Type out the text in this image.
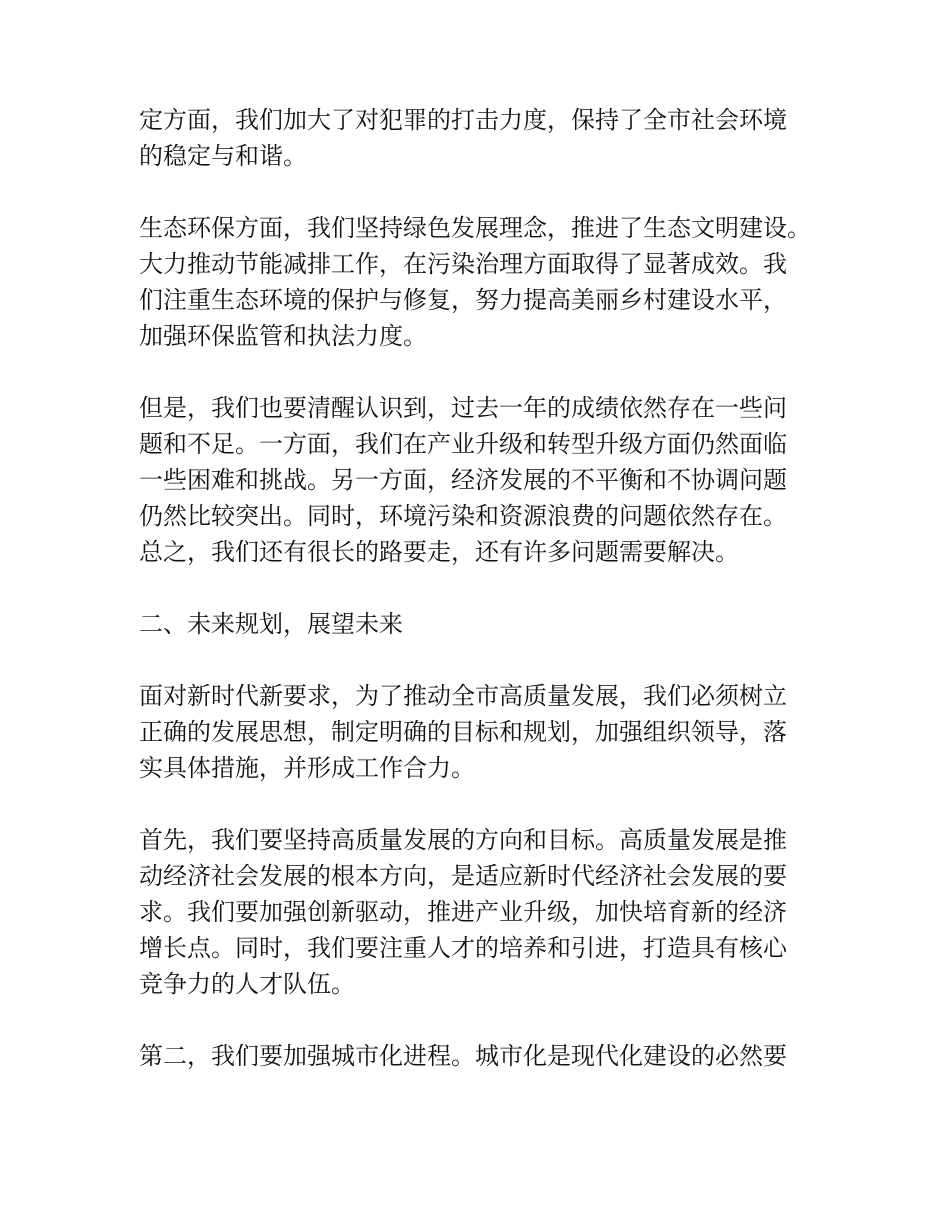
定方面，我们加大了对犯罪的打击力度，保持了全市社会环境
的稳定与和谐。

生态环保方面，我们坚持绿色发展理念，推进了生态文明建设。
大力推动节能减排工作，在污染治理方面取得了显著成效。我
们注重生态环境的保护与修复，努力提高美丽乡村建设水平，
加强环保监管和执法力度。

但是，我们也要清醒认识到，过去一年的成绩依然存在一些问
题和不足。一方面，我们在产业升级和转型升级方面仍然面临
一些困难和挑战。另一方面，经济发展的不平衡和不协调问题
仍然比较突出。同时，环境污染和资源浪费的问题依然存在。
总之，我们还有很长的路要走，还有许多问题需要解决。

二、未来规划，展望未来

面对新时代新要求，为了推动全市高质量发展，我们必须树立
正确的发展思想，制定明确的目标和规划，加强组织领导，落
实具体措施，并形成工作合力。

首先，我们要坚持高质量发展的方向和目标。高质量发展是推
动经济社会发展的根本方向，是适应新时代经济社会发展的要
求。我们要加强创新驱动，推进产业升级，加快培育新的经济
增长点。同时，我们要注重人才的培养和引进，打造具有核心
竞争力的人才队伍。

第二，我们要加强城市化进程。城市化是现代化建设的必然要
